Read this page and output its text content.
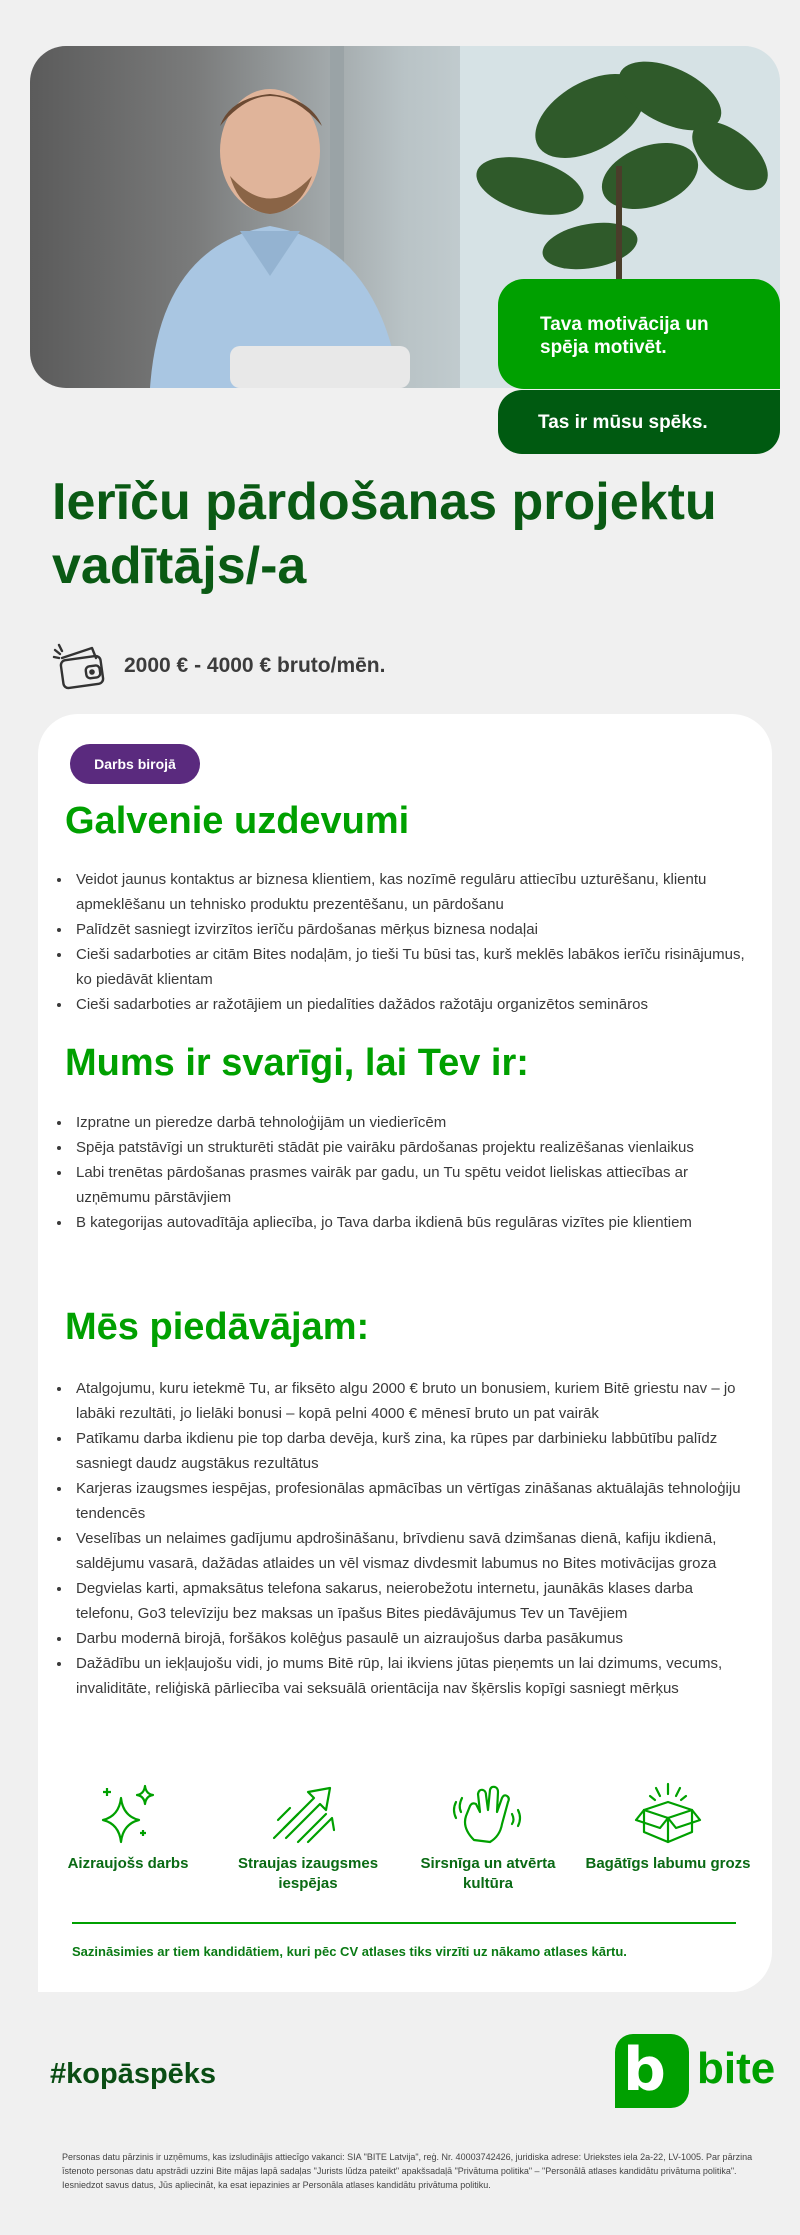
Tava motivācija un spēja motivēt.
Tas ir mūsu spēks.
Ierīču pārdošanas projektu vadītājs/-a
2000 € - 4000 € bruto/mēn.
Darbs birojā
Galvenie uzdevumi
• Veidot jaunus kontaktus ar biznesa klientiem, kas nozīmē regulāru attiecību uzturēšanu, klientu apmeklēšanu un tehnisko produktu prezentēšanu, un pārdošanu
• Palīdzēt sasniegt izvirzītos ierīču pārdošanas mērķus biznesa nodaļai
• Cieši sadarboties ar citām Bites nodaļām, jo tieši Tu būsi tas, kurš meklēs labākos ierīču risinājumus, ko piedāvāt klientam
• Cieši sadarboties ar ražotājiem un piedalīties dažādos ražotāju organizētos semināros
Mums ir svarīgi, lai Tev ir:
• Izpratne un pieredze darbā tehnoloģijām un viedierīcēm
• Spēja patstāvīgi un strukturēti stādāt pie vairāku pārdošanas projektu realizēšanas vienlaikus
• Labi trenētas pārdošanas prasmes vairāk par gadu, un Tu spētu veidot lieliskas attiecības ar uzņēmumu pārstāvjiem
• B kategorijas autovadītāja apliecība, jo Tava darba ikdienā būs regulāras vizītes pie klientiem
Mēs piedāvājam:
• Atalgojumu, kuru ietekmē Tu, ar fiksēto algu 2000 € bruto un bonusiem, kuriem Bitē griestu nav – jo labāki rezultāti, jo lielāki bonusi – kopā pelni 4000 € mēnesī bruto un pat vairāk
• Patīkamu darba ikdienu pie top darba devēja, kurš zina, ka rūpes par darbinieku labbūtību palīdz sasniegt daudz augstākus rezultātus
• Karjeras izaugsmes iespējas, profesionālas apmācības un vērtīgas zināšanas aktuālajās tehnoloģiju tendencēs
• Veselības un nelaimes gadījumu apdrošināšanu, brīvdienu savā dzimšanas dienā, kafiju ikdienā, saldējumu vasarā, dažādas atlaides un vēl vismaz divdesmit labumus no Bites motivācijas groza
• Degvielas karti, apmaksātus telefona sakarus, neierobežotu internetu, jaunākās klases darba telefonu, Go3 televīziju bez maksas un īpašus Bites piedāvājumus Tev un Tavējiem
• Darbu modernā birojā, foršākos kolēģus pasaulē un aizraujošus darba pasākumus
• Dažādību un iekļaujošu vidi, jo mums Bitē rūp, lai ikviens jūtas pieņemts un lai dzimums, vecums, invaliditāte, reliģiskā pārliecība vai seksuālā orientācija nav šķērslis kopīgi sasniegt mērķus
Aizraujošs darbs	Straujas izaugsmes iespējas
Sirsnīga un atvērta kultūra
Bagātīgs labumu grozs
Sazināsimies ar tiem kandidātiem, kuri pēc CV atlases tiks virzīti uz nākamo atlases kārtu.
#kopāspēks	b bite
Personas datu pārzinis ir uzņēmums, kas izsludinājis attiecīgo vakanci: SIA "BITE Latvija", reģ. Nr. 40003742426, juridiska adrese: Uriekstes iela 2a-22, LV-1005. Par pārzina īstenoto personas datu apstrādi uzzini Bite mājas lapā sadaļas "Jurists lūdza pateikt" apakšsadaļā "Privātuma politika" – "Personālā atlases kandidātu privātuma politika". Iesniedzot savus datus, Jūs apliecināt, ka esat iepazinies ar Personāla atlases kandidātu privātuma politiku.
